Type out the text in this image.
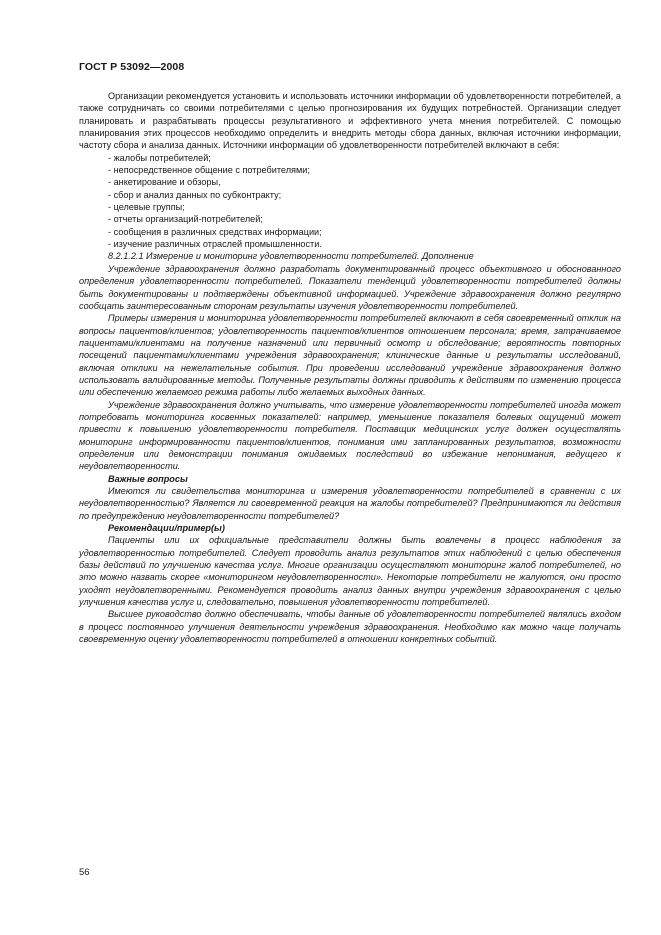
ГОСТ Р 53092—2008

Организации рекомендуется установить и использовать источники информации об удовлетворенности потребителей, а также сотрудничать со своими потребителями с целью прогнозирования их будущих потребностей. Организации следует планировать и разрабатывать процессы результативного и эффективного учета мнения потребителей. С помощью планирования этих процессов необходимо определить и внедрить методы сбора данных, включая источники информации, частоту сбора и анализа данных. Источники информации об удовлетворенности потребителей включают в себя:

- жалобы потребителей;

- непосредственное общение с потребителями;

- анкетирование и обзоры,

- сбор и анализ данных по субконтракту;

- целевые группы;

- отчеты организаций-потребителей;

- сообщения в различных средствах информации;

- изучение различных отраслей промышленности.

8.2.1.2.1 Измерение и мониторинг удовлетворенности потребителей. Дополнение

Учреждение здравоохранения должно разработать документированный процесс объективного и обоснованного определения удовлетворенности потребителей. Показатели тенденций удовлетворенности потребителей должны быть документированы и подтверждены объективной информацией. Учреждение здравоохранения должно регулярно сообщать заинтересованным сторонам результаты изучения удовлетворенности потребителей.

Примеры измерения и мониторинга удовлетворенности потребителей включают в себя своевременный отклик на вопросы пациентов/клиентов; удовлетворенность пациентов/клиентов отношением персонала; время, затрачиваемое пациентами/клиентами на получение назначений или первичный осмотр и обследование; вероятность повторных посещений пациентами/клиентами учреждения здравоохранения; клинические данные и результаты исследований, включая отклики на нежелательные события. При проведении исследований учреждение здравоохранения должно использовать валидированные методы. Полученные результаты должны приводить к действиям по изменению процесса или обеспечению желаемого режима работы либо желаемых выходных данных.

Учреждение здравоохранения должно учитывать, что измерение удовлетворенности потребителей иногда может потребовать мониторинга косвенных показателей: например, уменьшение показателя болевых ощущений может привести к повышению удовлетворенности потребителя. Поставщик медицинских услуг должен осуществлять мониторинг информированности пациентов/клиентов, понимания ими запланированных результатов, возможности определения или демонстрации понимания ожидаемых последствий во избежание непонимания, ведущего к неудовлетворенности.

Важные вопросы

Имеются ли свидетельства мониторинга и измерения удовлетворенности потребителей в сравнении с их неудовлетворенностью? Является ли своевременной реакция на жалобы потребителей? Предпринимаются ли действия по предупреждению неудовлетворенности потребителей?

Рекомендации/пример(ы)

Пациенты или их официальные представители должны быть вовлечены в процесс наблюдения за удовлетворенностью потребителей. Следует проводить анализ результатов этих наблюдений с целью обеспечения базы действий по улучшению качества услуг. Многие организации осуществляют мониторинг жалоб потребителей, но это можно назвать скорее «мониторингом неудовлетворенности». Некоторые потребители не жалуются, они просто уходят неудовлетворенными. Рекомендуется проводить анализ данных внутри учреждения здравоохранения с целью улучшения качества услуг и, следовательно, повышения удовлетворенности потребителей.

Высшее руководство должно обеспечивать, чтобы данные об удовлетворенности потребителей являлись входом в процесс постоянного улучшения деятельности учреждения здравоохранения. Необходимо как можно чаще получать своевременную оценку удовлетворенности потребителей в отношении конкретных событий.

56
